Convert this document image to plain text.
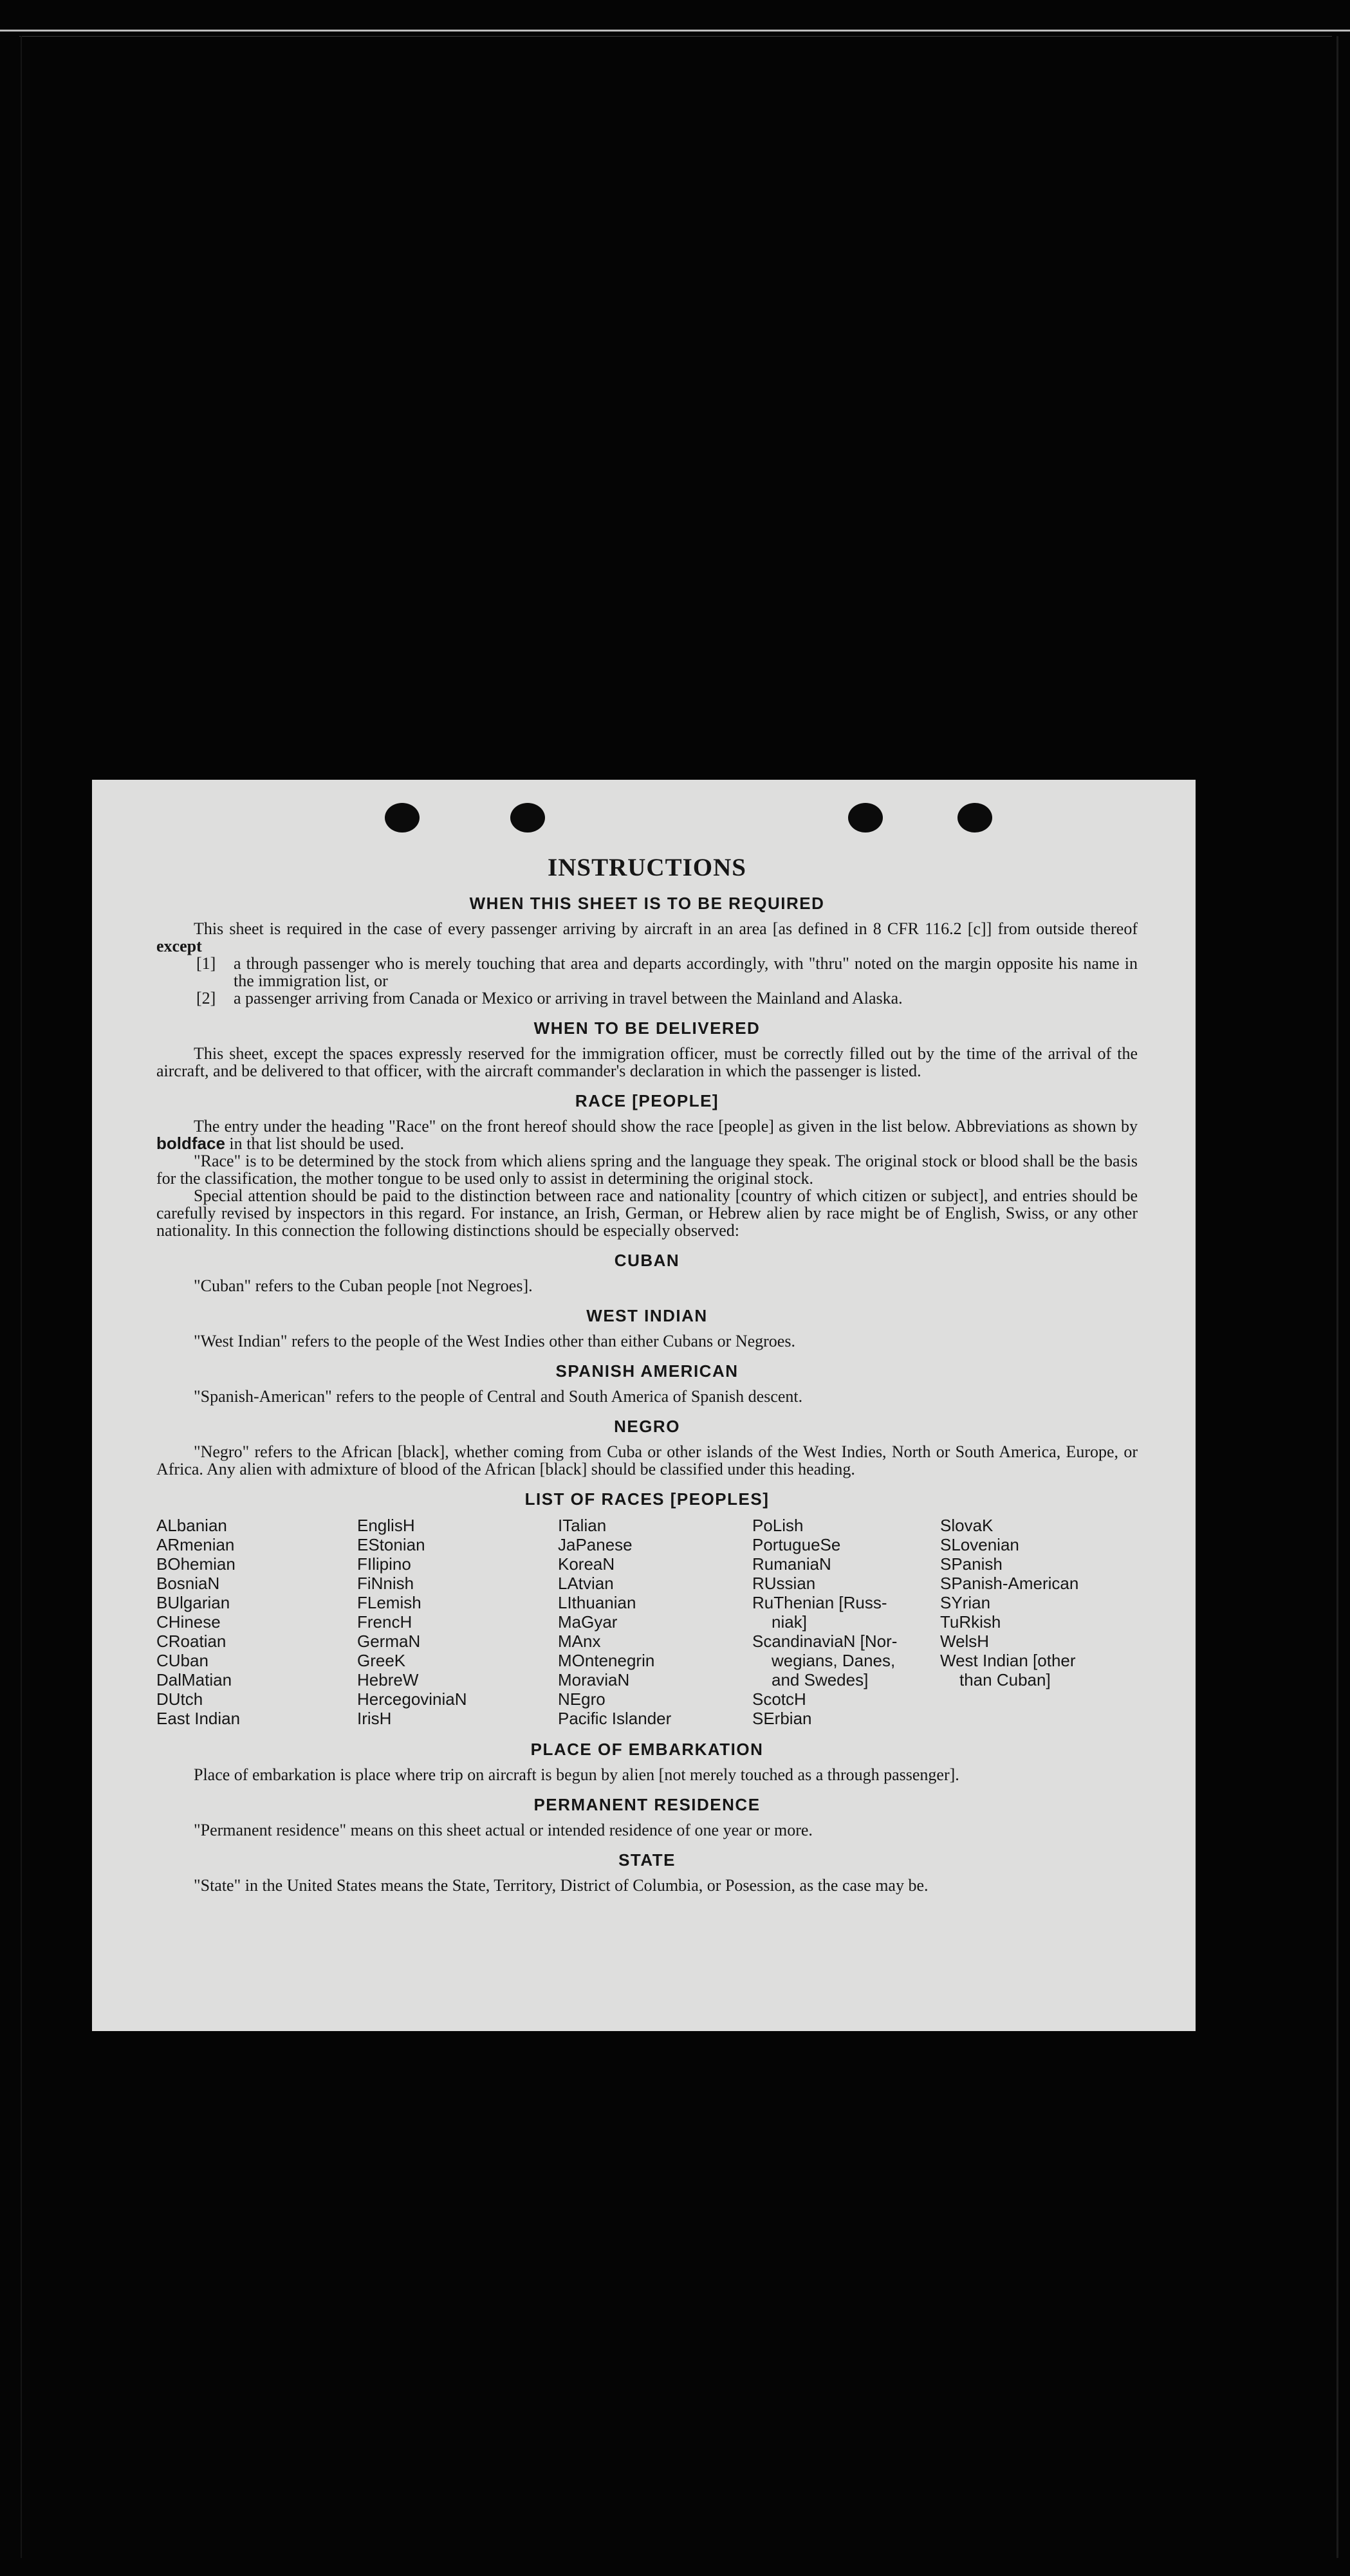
INSTRUCTIONS
WHEN THIS SHEET IS TO BE REQUIRED

This sheet is required in the case of every passenger arriving by aircraft in an area [as defined in 8 CFR 116.2 [c]] from outside thereof except

[1] a through passenger who is merely touching that area and departs accordingly, with "thru" noted on the margin opposite his name in the immigration list, or

[2] a passenger arriving from Canada or Mexico or arriving in travel between the Mainland and Alaska.

WHEN TO BE DELIVERED

This sheet, except the spaces expressly reserved for the immigration officer, must be correctly filled out by the time of the arrival of the aircraft, and be delivered to that officer, with the aircraft commander's declaration in which the passenger is listed.

RACE [PEOPLE]

The entry under the heading "Race" on the front hereof should show the race [people] as given in the list below. Abbreviations as shown by boldface in that list should be used.

"Race" is to be determined by the stock from which aliens spring and the language they speak. The original stock or blood shall be the basis for the classification, the mother tongue to be used only to assist in determining the original stock.

Special attention should be paid to the distinction between race and nationality [country of which citizen or subject], and entries should be carefully revised by inspectors in this regard. For instance, an Irish, German, or Hebrew alien by race might be of English, Swiss, or any other nationality. In this connection the following distinctions should be especially observed:

CUBAN

"Cuban" refers to the Cuban people [not Negroes].

WEST INDIAN

"West Indian" refers to the people of the West Indies other than either Cubans or Negroes.

SPANISH AMERICAN

"Spanish-American" refers to the people of Central and South America of Spanish descent.

NEGRO

"Negro" refers to the African [black], whether coming from Cuba or other islands of the West Indies, North or South America, Europe, or Africa. Any alien with admixture of blood of the African [black] should be classified under this heading.

LIST OF RACES [PEOPLES]
ALbanian
ARmenian
BOhemian
BosniaN
BUlgarian
CHinese
CRoatian
CUban
DalMatian
DUtch
East Indian
EnglisH
EStonian
FIlipino
FiNnish
FLemish
FrencH
GermaN
GreeK
HebreW
HercegoviniaN
IrisH
ITalian
JaPanese
KoreaN
LAtvian
LIthuanian
MaGyar
MAnx
MOntenegrin
MoraviaN
NEgro
Pacific Islander
PoLish
PortugueSe
RumaniaN
RUssian
RuThenian [Russ-
niak]
ScandinaviaN [Nor-
wegians, Danes,
and Swedes]
ScotcH
SErbian
SlovaK
SLovenian
SPanish
SPanish-American
SYrian
TuRkish
WelsH
West Indian [other
than Cuban]
PLACE OF EMBARKATION

Place of embarkation is place where trip on aircraft is begun by alien [not merely touched as a through passenger].

PERMANENT RESIDENCE

"Permanent residence" means on this sheet actual or intended residence of one year or more.

STATE

"State" in the United States means the State, Territory, District of Columbia, or Posession, as the case may be.
